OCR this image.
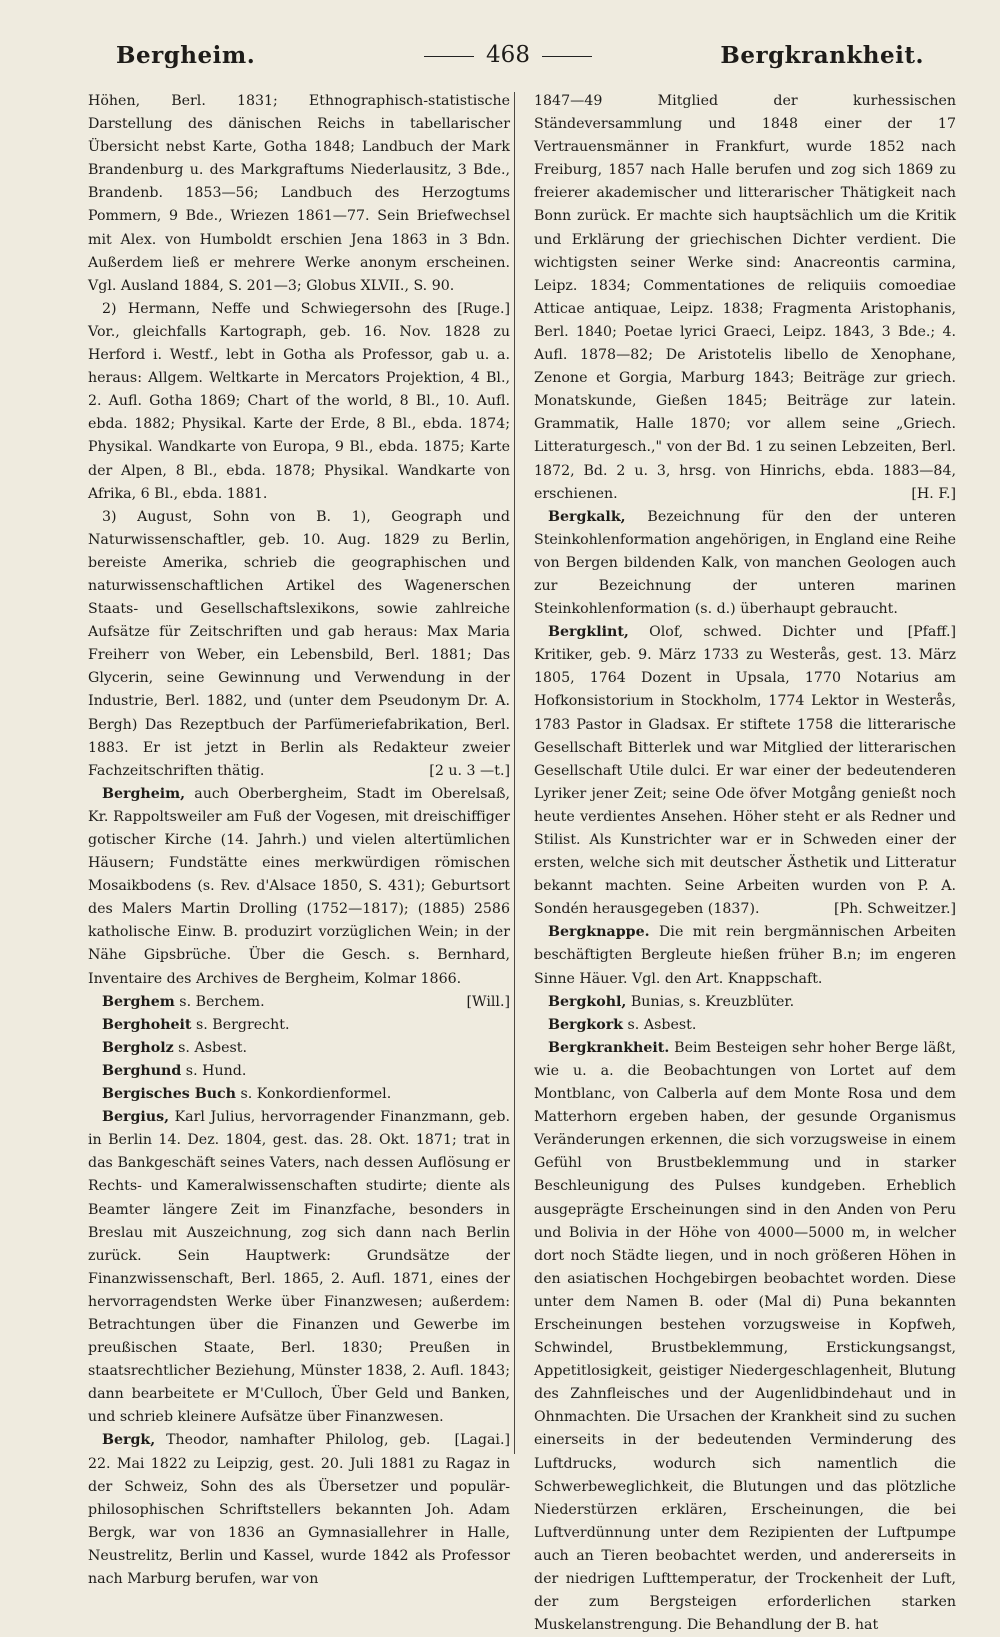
Bergheim.	468	Bergkrankheit.

Höhen, Berl. 1831; Ethnographisch-statistische Darstellung des dänischen Reichs in tabellarischer Übersicht nebst Karte, Gotha 1848; Landbuch der Mark Brandenburg u. des Markgraftums Niederlausitz, 3 Bde., Brandenb. 1853—56; Landbuch des Herzogtums Pommern, 9 Bde., Wriezen 1861—77. Sein Briefwechsel mit Alex. von Humboldt erschien Jena 1863 in 3 Bdn. Außerdem ließ er mehrere Werke anonym erscheinen. Vgl. Ausland 1884, S. 201—3; Globus XLVII., S. 90.
[Ruge.]

2) Hermann, Neffe und Schwiegersohn des Vor., gleichfalls Kartograph, geb. 16. Nov. 1828 zu Herford i. Westf., lebt in Gotha als Professor, gab u. a. heraus: Allgem. Weltkarte in Mercators Projektion, 4 Bl., 2. Aufl. Gotha 1869; Chart of the world, 8 Bl., 10. Aufl. ebda. 1882; Physikal. Karte der Erde, 8 Bl., ebda. 1874; Physikal. Wandkarte von Europa, 9 Bl., ebda. 1875; Karte der Alpen, 8 Bl., ebda. 1878; Physikal. Wandkarte von Afrika, 6 Bl., ebda. 1881.

3) August, Sohn von B. 1), Geograph und Naturwissenschaftler, geb. 10. Aug. 1829 zu Berlin, bereiste Amerika, schrieb die geographischen und naturwissenschaftlichen Artikel des Wagenerschen Staats- und Gesellschaftslexikons, sowie zahlreiche Aufsätze für Zeitschriften und gab heraus: Max Maria Freiherr von Weber, ein Lebensbild, Berl. 1881; Das Glycerin, seine Gewinnung und Verwendung in der Industrie, Berl. 1882, und (unter dem Pseudonym Dr. A. Bergh) Das Rezeptbuch der Parfümeriefabrikation, Berl. 1883. Er ist jetzt in Berlin als Redakteur zweier Fachzeitschriften thätig.	[2 u. 3 —t.]

Bergheim, auch Oberbergheim, Stadt im Oberelsaß, Kr. Rappoltsweiler am Fuß der Vogesen, mit dreischiffiger gotischer Kirche (14. Jahrh.) und vielen altertümlichen Häusern; Fundstätte eines merkwürdigen römischen Mosaikbodens (s. Rev. d'Alsace 1850, S. 431); Geburtsort des Malers Martin Drolling (1752—1817); (1885) 2586 katholische Einw. B. produzirt vorzüglichen Wein; in der Nähe Gipsbrüche. Über die Gesch. s. Bernhard, Inventaire des Archives de Bergheim, Kolmar 1866.
[Will.]

Berghem s. Berchem.

Berghoheit s. Bergrecht.

Bergholz s. Asbest.

Berghund s. Hund.

Bergisches Buch s. Konkordienformel.

Bergius, Karl Julius, hervorragender Finanzmann, geb. in Berlin 14. Dez. 1804, gest. das. 28. Okt. 1871; trat in das Bankgeschäft seines Vaters, nach dessen Auflösung er Rechts- und Kameralwissenschaften studirte; diente als Beamter längere Zeit im Finanzfache, besonders in Breslau mit Auszeichnung, zog sich dann nach Berlin zurück. Sein Hauptwerk: Grundsätze der Finanzwissenschaft, Berl. 1865, 2. Aufl. 1871, eines der hervorragendsten Werke über Finanzwesen; außerdem: Betrachtungen über die Finanzen und Gewerbe im preußischen Staate, Berl. 1830; Preußen in staatsrechtlicher Beziehung, Münster 1838, 2. Aufl. 1843; dann bearbeitete er M'Culloch, Über Geld und Banken, und schrieb kleinere Aufsätze über Finanzwesen.
[Lagai.]

Bergk, Theodor, namhafter Philolog, geb. 22. Mai 1822 zu Leipzig, gest. 20. Juli 1881 zu Ragaz in der Schweiz, Sohn des als Übersetzer und populär-philosophischen Schriftstellers bekannten Joh. Adam Bergk, war von 1836 an Gymnasiallehrer in Halle, Neustrelitz, Berlin und Kassel, wurde 1842 als Professor nach Marburg berufen, war von

1847—49 Mitglied der kurhessischen Ständeversammlung und 1848 einer der 17 Vertrauensmänner in Frankfurt, wurde 1852 nach Freiburg, 1857 nach Halle berufen und zog sich 1869 zu freierer akademischer und litterarischer Thätigkeit nach Bonn zurück. Er machte sich hauptsächlich um die Kritik und Erklärung der griechischen Dichter verdient. Die wichtigsten seiner Werke sind: Anacreontis carmina, Leipz. 1834; Commentationes de reliquiis comoediae Atticae antiquae, Leipz. 1838; Fragmenta Aristophanis, Berl. 1840; Poetae lyrici Graeci, Leipz. 1843, 3 Bde.; 4. Aufl. 1878—82; De Aristotelis libello de Xenophane, Zenone et Gorgia, Marburg 1843; Beiträge zur griech. Monatskunde, Gießen 1845; Beiträge zur latein. Grammatik, Halle 1870; vor allem seine „Griech. Litteraturgesch.," von der Bd. 1 zu seinen Lebzeiten, Berl. 1872, Bd. 2 u. 3, hrsg. von Hinrichs, ebda. 1883—84, erschienen.	[H. F.]

Bergkalk, Bezeichnung für den der unteren Steinkohlenformation angehörigen, in England eine Reihe von Bergen bildenden Kalk, von manchen Geologen auch zur Bezeichnung der unteren marinen Steinkohlenformation (s. d.) überhaupt gebraucht.
[Pfaff.]

Bergklint, Olof, schwed. Dichter und Kritiker, geb. 9. März 1733 zu Westerås, gest. 13. März 1805, 1764 Dozent in Upsala, 1770 Notarius am Hofkonsistorium in Stockholm, 1774 Lektor in Westerås, 1783 Pastor in Gladsax. Er stiftete 1758 die litterarische Gesellschaft Bitterlek und war Mitglied der litterarischen Gesellschaft Utile dulci. Er war einer der bedeutenderen Lyriker jener Zeit; seine Ode öfver Motgång genießt noch heute verdientes Ansehen. Höher steht er als Redner und Stilist. Als Kunstrichter war er in Schweden einer der ersten, welche sich mit deutscher Ästhetik und Litteratur bekannt machten. Seine Arbeiten wurden von P. A. Sondén herausgegeben (1837).	[Ph. Schweitzer.]

Bergknappe. Die mit rein bergmännischen Arbeiten beschäftigten Bergleute hießen früher B.n; im engeren Sinne Häuer. Vgl. den Art. Knappschaft.

Bergkohl, Bunias, s. Kreuzblüter.

Bergkork s. Asbest.

Bergkrankheit. Beim Besteigen sehr hoher Berge läßt, wie u. a. die Beobachtungen von Lortet auf dem Montblanc, von Calberla auf dem Monte Rosa und dem Matterhorn ergeben haben, der gesunde Organismus Veränderungen erkennen, die sich vorzugsweise in einem Gefühl von Brustbeklemmung und in starker Beschleunigung des Pulses kundgeben. Erheblich ausgeprägte Erscheinungen sind in den Anden von Peru und Bolivia in der Höhe von 4000—5000 m, in welcher dort noch Städte liegen, und in noch größeren Höhen in den asiatischen Hochgebirgen beobachtet worden. Diese unter dem Namen B. oder (Mal di) Puna bekannten Erscheinungen bestehen vorzugsweise in Kopfweh, Schwindel, Brustbeklemmung, Erstickungsangst, Appetitlosigkeit, geistiger Niedergeschlagenheit, Blutung des Zahnfleisches und der Augenlidbindehaut und in Ohnmachten. Die Ursachen der Krankheit sind zu suchen einerseits in der bedeutenden Verminderung des Luftdrucks, wodurch sich namentlich die Schwerbeweglichkeit, die Blutungen und das plötzliche Niederstürzen erklären, Erscheinungen, die bei Luftverdünnung unter dem Rezipienten der Luftpumpe auch an Tieren beobachtet werden, und andererseits in der niedrigen Lufttemperatur, der Trockenheit der Luft, der zum Bergsteigen erforderlichen starken Muskelanstrengung. Die Behandlung der B. hat
